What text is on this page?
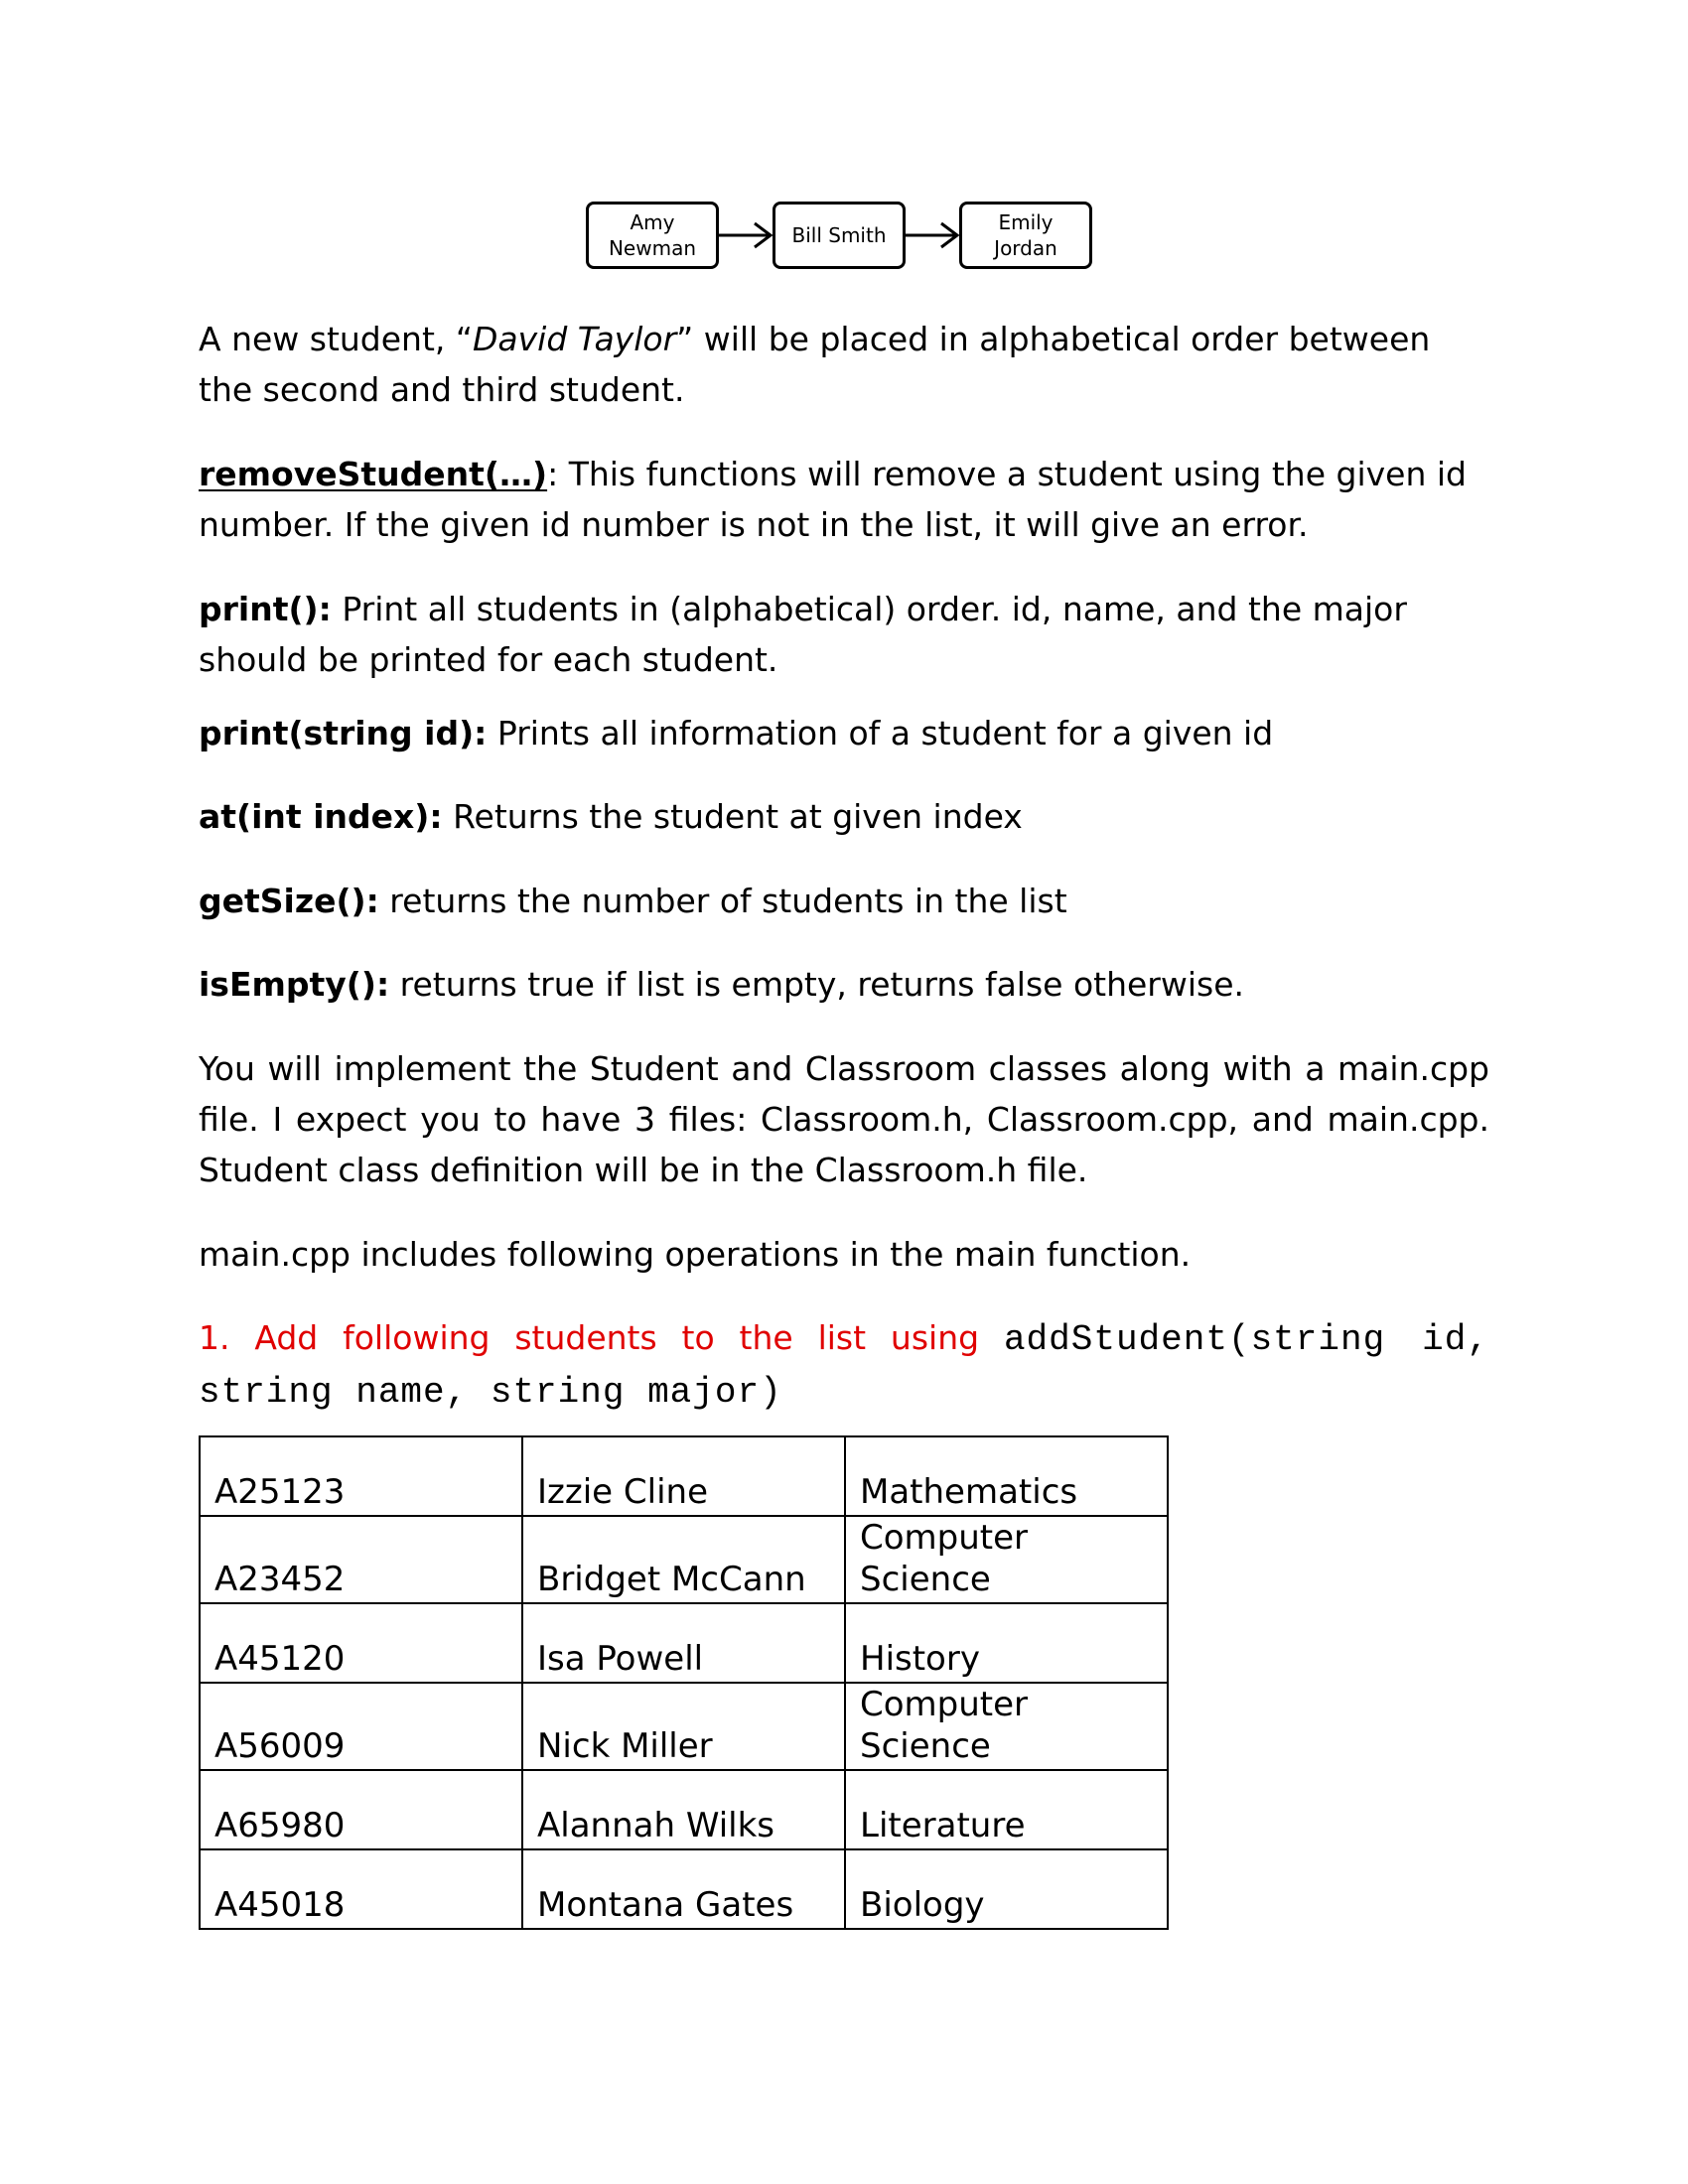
Amy
Newman
Bill Smith
Emily
Jordan

A new student, “David Taylor” will be placed in alphabetical order between the second and third student.

removeStudent(…): This functions will remove a student using the given id number. If the given id number is not in the list, it will give an error.

print(): Print all students in (alphabetical) order. id, name, and the major should be printed for each student.

print(string id): Prints all information of a student for a given id

at(int index): Returns the student at given index

getSize(): returns the number of students in the list

isEmpty(): returns true if list is empty, returns false otherwise.

You will implement the Student and Classroom classes along with a main.cpp file. I expect you to have 3 files: Classroom.h, Classroom.cpp, and main.cpp. Student class definition will be in the Classroom.h file.

main.cpp includes following operations in the main function.

1. Add following students to the list using addStudent(string id, string name, string major)

A25123	Izzie Cline	Mathematics

A23452	Bridget McCann	Computer Science

A45120	Isa Powell	History

A56009	Nick Miller	Computer Science

A65980	Alannah Wilks	Literature

A45018	Montana Gates	Biology
